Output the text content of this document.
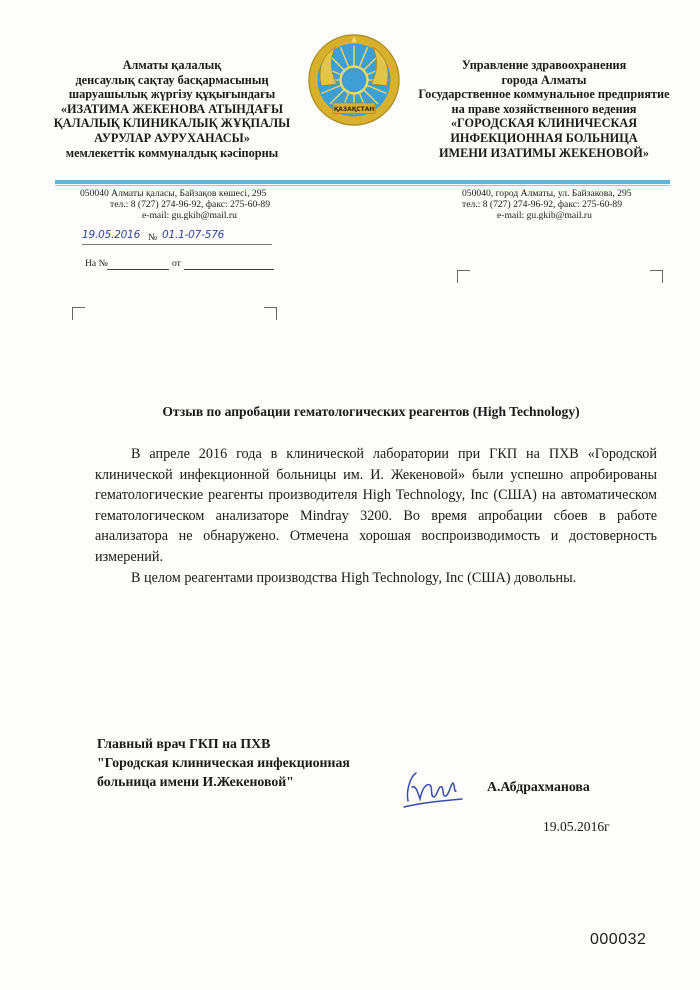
Алматы қалалық
денсаулық сақтау басқармасының
шаруашылық жүргізу құқығындағы
«ИЗАТИМА ЖЕКЕНОВА АТЫНДАҒЫ
ҚАЛАЛЫҚ КЛИНИКАЛЫҚ ЖҰҚПАЛЫ
АУРУЛАР АУРУХАНАСЫ»
мемлекеттік коммуналдық кәсіпорны
ҚАЗАҚСТАН
Управление здравоохранения
города Алматы
Государственное коммунальное предприятие
на праве хозяйственного ведения
«ГОРОДСКАЯ КЛИНИЧЕСКАЯ
ИНФЕКЦИОННАЯ БОЛЬНИЦА
ИМЕНИ ИЗАТИМЫ ЖЕКЕНОВОЙ»
050040 Алматы қаласы, Байзақов көшесі, 295
тел.: 8 (727) 274-96-92, факс: 275-60-89
e-mail: gu.gkib@mail.ru
050040, город Алматы, ул. Байзакова, 295
тел.: 8 (727) 274-96-92, факс: 275-60-89
e-mail: gu.gkib@mail.ru
19.05.2016 № 01.1-07-576
На №	от
Отзыв по апробации гематологических реагентов (High Technology)

В апреле 2016 года в клинической лаборатории при ГКП на ПХВ «Городской клинической инфекционной больницы им. И. Жекеновой» были успешно апробированы гематологические реагенты производителя High Technology, Inc (США) на автоматическом гематологическом анализаторе Mindray 3200. Во время апробации сбоев в работе анализатора не обнаружено. Отмечена хорошая воспроизводимость и достоверность измерений.

В целом реагентами производства High Technology, Inc (США) довольны.

Главный врач ГКП на ПХВ
"Городская клиническая инфекционная
больница имени И.Жекеновой"	А.Абдрахманова
19.05.2016г
000032
